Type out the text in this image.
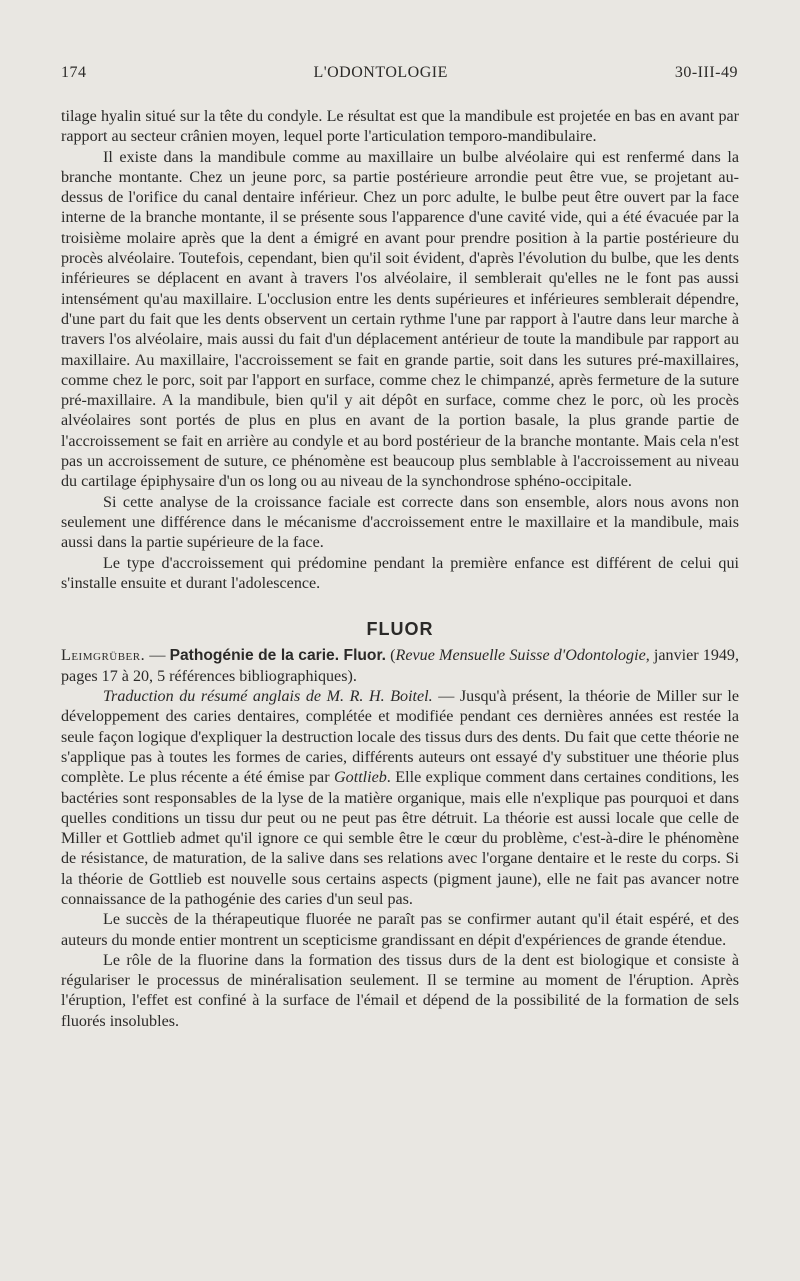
174	L'ODONTOLOGIE	30-III-49

tilage hyalin situé sur la tête du condyle. Le résultat est que la mandibule est projetée en bas en avant par rapport au secteur crânien moyen, lequel porte l'articulation temporo-mandibulaire.

Il existe dans la mandibule comme au maxillaire un bulbe alvéolaire qui est renfermé dans la branche montante. Chez un jeune porc, sa partie postérieure arrondie peut être vue, se projetant au-dessus de l'orifice du canal dentaire inférieur. Chez un porc adulte, le bulbe peut être ouvert par la face interne de la branche montante, il se présente sous l'apparence d'une cavité vide, qui a été évacuée par la troisième molaire après que la dent a émigré en avant pour prendre position à la partie postérieure du procès alvéolaire. Toutefois, cependant, bien qu'il soit évident, d'après l'évolution du bulbe, que les dents inférieures se déplacent en avant à travers l'os alvéolaire, il semblerait qu'elles ne le font pas aussi intensément qu'au maxillaire. L'occlusion entre les dents supérieures et inférieures semblerait dépendre, d'une part du fait que les dents observent un certain rythme l'une par rapport à l'autre dans leur marche à travers l'os alvéolaire, mais aussi du fait d'un déplacement antérieur de toute la mandibule par rapport au maxillaire. Au maxillaire, l'accroissement se fait en grande partie, soit dans les sutures pré-maxillaires, comme chez le porc, soit par l'apport en surface, comme chez le chimpanzé, après fermeture de la suture pré-maxillaire. A la mandibule, bien qu'il y ait dépôt en surface, comme chez le porc, où les procès alvéolaires sont portés de plus en plus en avant de la portion basale, la plus grande partie de l'accroissement se fait en arrière au condyle et au bord postérieur de la branche montante. Mais cela n'est pas un accroissement de suture, ce phénomène est beaucoup plus semblable à l'accroissement au niveau du cartilage épiphysaire d'un os long ou au niveau de la synchondrose sphéno-occipitale.

Si cette analyse de la croissance faciale est correcte dans son ensemble, alors nous avons non seulement une différence dans le mécanisme d'accroissement entre le maxillaire et la mandibule, mais aussi dans la partie supérieure de la face.

Le type d'accroissement qui prédomine pendant la première enfance est différent de celui qui s'installe ensuite et durant l'adolescence.

FLUOR

Leimgrüber. — Pathogénie de la carie. Fluor. (Revue Mensuelle Suisse d'Odontologie, janvier 1949, pages 17 à 20, 5 références bibliographiques).

Traduction du résumé anglais de M. R. H. Boitel. — Jusqu'à présent, la théorie de Miller sur le développement des caries dentaires, complétée et modifiée pendant ces dernières années est restée la seule façon logique d'expliquer la destruction locale des tissus durs des dents. Du fait que cette théorie ne s'applique pas à toutes les formes de caries, différents auteurs ont essayé d'y substituer une théorie plus complète. Le plus récente a été émise par Gottlieb. Elle explique comment dans certaines conditions, les bactéries sont responsables de la lyse de la matière organique, mais elle n'explique pas pourquoi et dans quelles conditions un tissu dur peut ou ne peut pas être détruit. La théorie est aussi locale que celle de Miller et Gottlieb admet qu'il ignore ce qui semble être le cœur du problème, c'est-à-dire le phénomène de résistance, de maturation, de la salive dans ses relations avec l'organe dentaire et le reste du corps. Si la théorie de Gottlieb est nouvelle sous certains aspects (pigment jaune), elle ne fait pas avancer notre connaissance de la pathogénie des caries d'un seul pas.

Le succès de la thérapeutique fluorée ne paraît pas se confirmer autant qu'il était espéré, et des auteurs du monde entier montrent un scepticisme grandissant en dépit d'expériences de grande étendue.

Le rôle de la fluorine dans la formation des tissus durs de la dent est biologique et consiste à régulariser le processus de minéralisation seulement. Il se termine au moment de l'éruption. Après l'éruption, l'effet est confiné à la surface de l'émail et dépend de la possibilité de la formation de sels fluorés insolubles.
